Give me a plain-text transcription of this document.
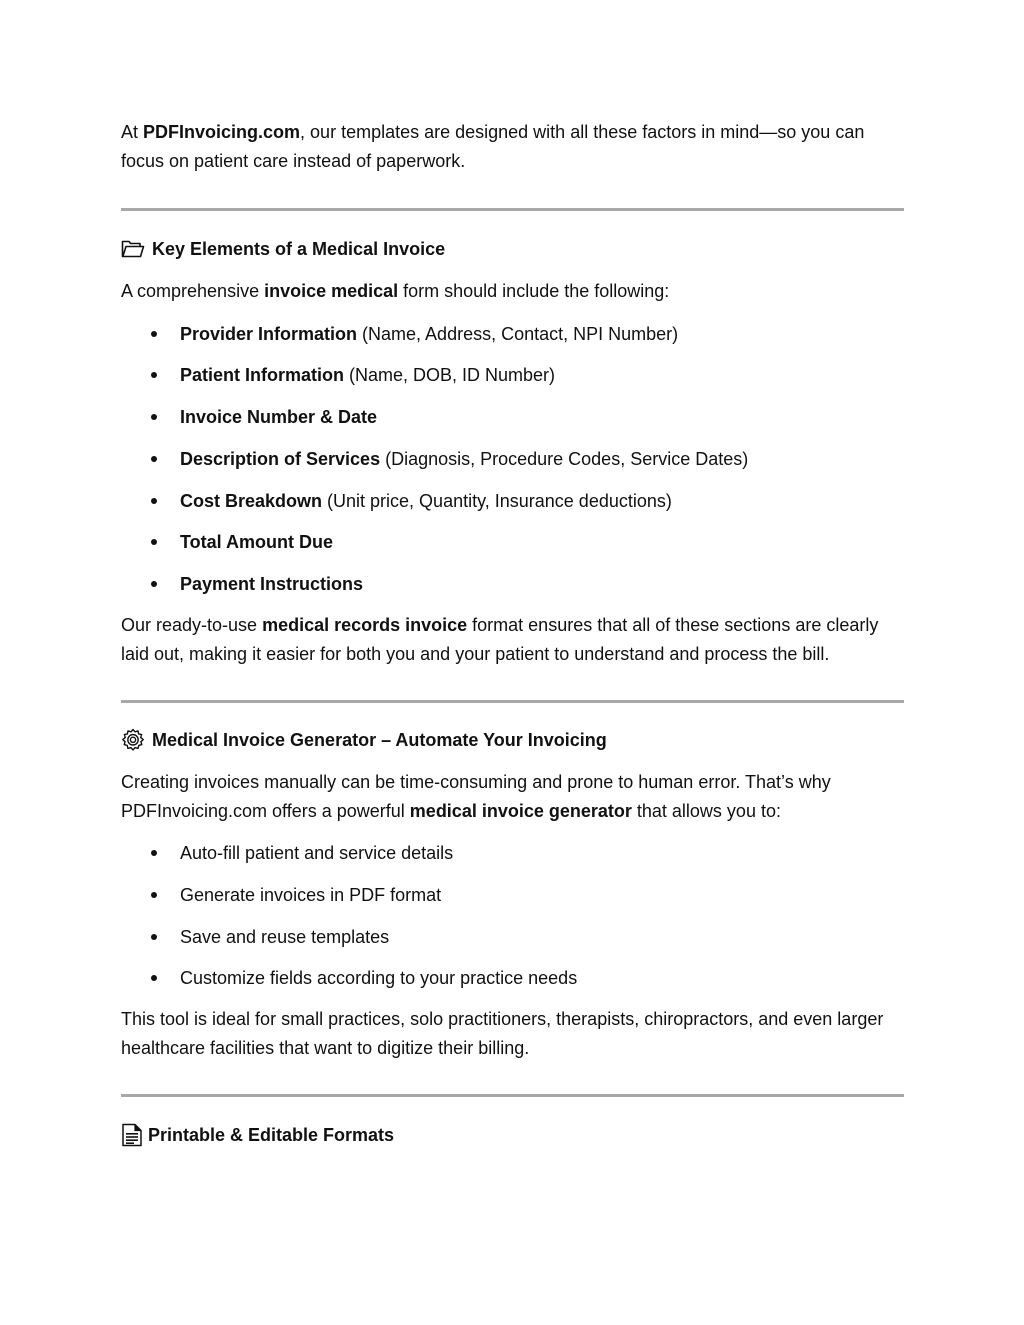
At PDFInvoicing.com, our templates are designed with all these factors in mind—so you can focus on patient care instead of paperwork.

Key Elements of a Medical Invoice

A comprehensive invoice medical form should include the following:

Provider Information (Name, Address, Contact, NPI Number)
Patient Information (Name, DOB, ID Number)
Invoice Number & Date
Description of Services (Diagnosis, Procedure Codes, Service Dates)
Cost Breakdown (Unit price, Quantity, Insurance deductions)
Total Amount Due
Payment Instructions

Our ready-to-use medical records invoice format ensures that all of these sections are clearly laid out, making it easier for both you and your patient to understand and process the bill.

Medical Invoice Generator – Automate Your Invoicing

Creating invoices manually can be time-consuming and prone to human error. That’s why PDFInvoicing.com offers a powerful medical invoice generator that allows you to:

Auto-fill patient and service details
Generate invoices in PDF format
Save and reuse templates
Customize fields according to your practice needs

This tool is ideal for small practices, solo practitioners, therapists, chiropractors, and even larger healthcare facilities that want to digitize their billing.

Printable & Editable Formats
